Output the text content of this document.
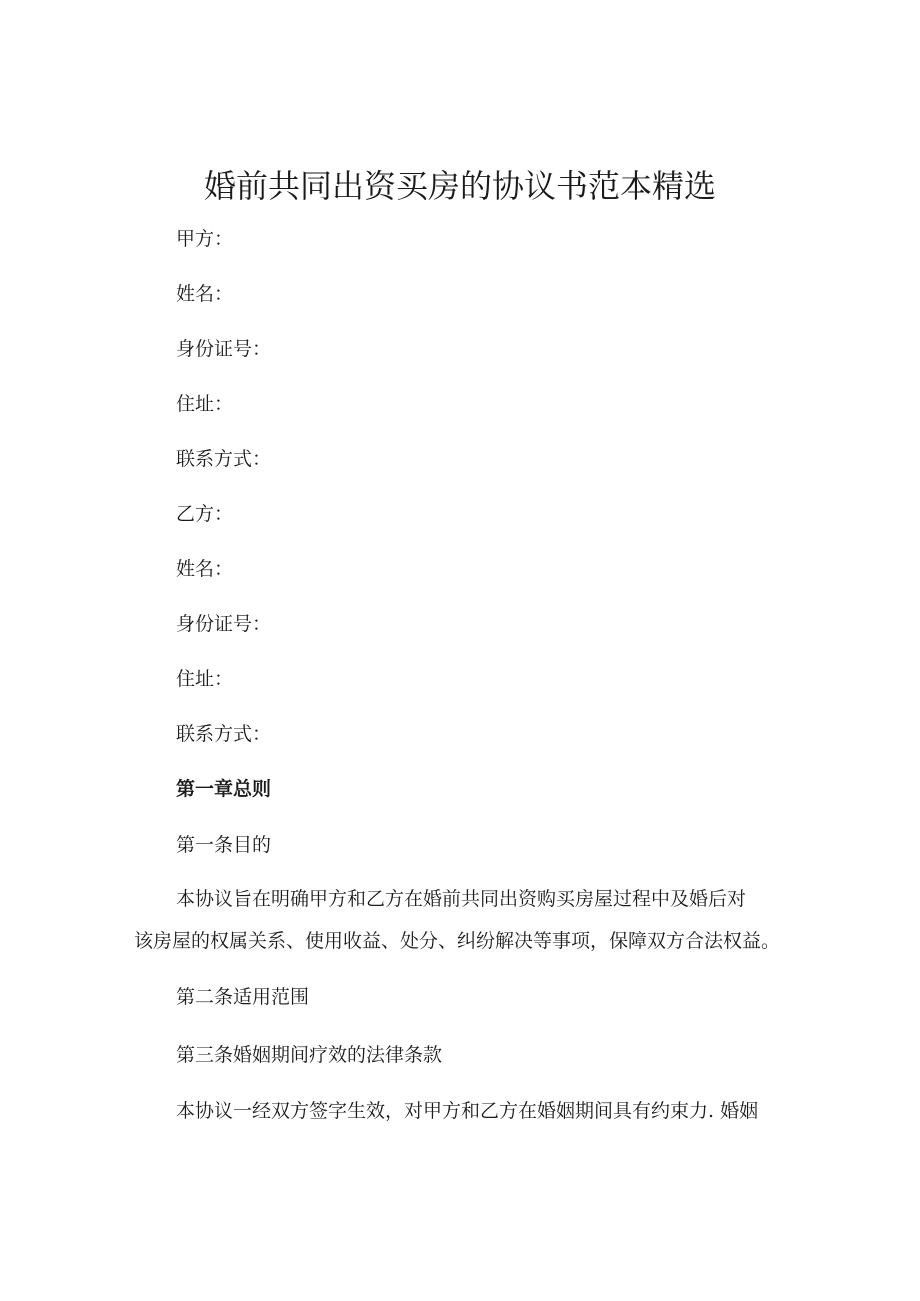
婚前共同出资买房的协议书范本精选
甲方：
姓名：
身份证号：
住址：
联系方式：
乙方：
姓名：
身份证号：
住址：
联系方式：
第一章总则

第一条目的

本协议旨在明确甲方和乙方在婚前共同出资购买房屋过程中及婚后对

该房屋的权属关系、使用收益、处分、纠纷解决等事项，保障双方合法权益。

第二条适用范围

第三条婚姻期间疗效的法律条款

本协议一经双方签字生效，对甲方和乙方在婚姻期间具有约束力. 婚姻
